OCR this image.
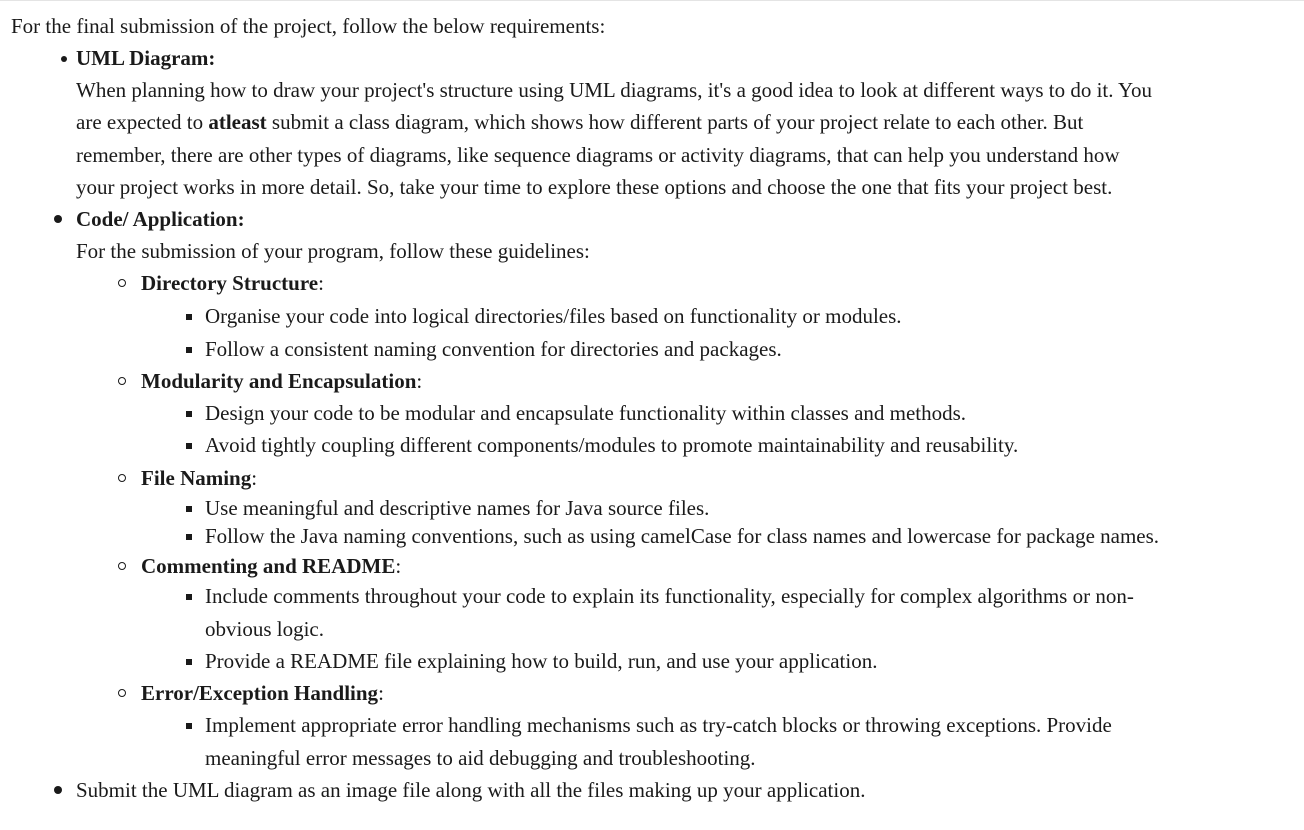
For the final submission of the project, follow the below requirements:
UML Diagram:
When planning how to draw your project's structure using UML diagrams, it's a good idea to look at different ways to do it. You
are expected to atleast submit a class diagram, which shows how different parts of your project relate to each other. But
remember, there are other types of diagrams, like sequence diagrams or activity diagrams, that can help you understand how
your project works in more detail. So, take your time to explore these options and choose the one that fits your project best.
Code/ Application:
For the submission of your program, follow these guidelines:
Directory Structure:
Organise your code into logical directories/files based on functionality or modules.
Follow a consistent naming convention for directories and packages.
Modularity and Encapsulation:
Design your code to be modular and encapsulate functionality within classes and methods.
Avoid tightly coupling different components/modules to promote maintainability and reusability.
File Naming:
Use meaningful and descriptive names for Java source files.
Follow the Java naming conventions, such as using camelCase for class names and lowercase for package names.
Commenting and README:
Include comments throughout your code to explain its functionality, especially for complex algorithms or non-
obvious logic.
Provide a README file explaining how to build, run, and use your application.
Error/Exception Handling:
Implement appropriate error handling mechanisms such as try-catch blocks or throwing exceptions. Provide
meaningful error messages to aid debugging and troubleshooting.
Submit the UML diagram as an image file along with all the files making up your application.
